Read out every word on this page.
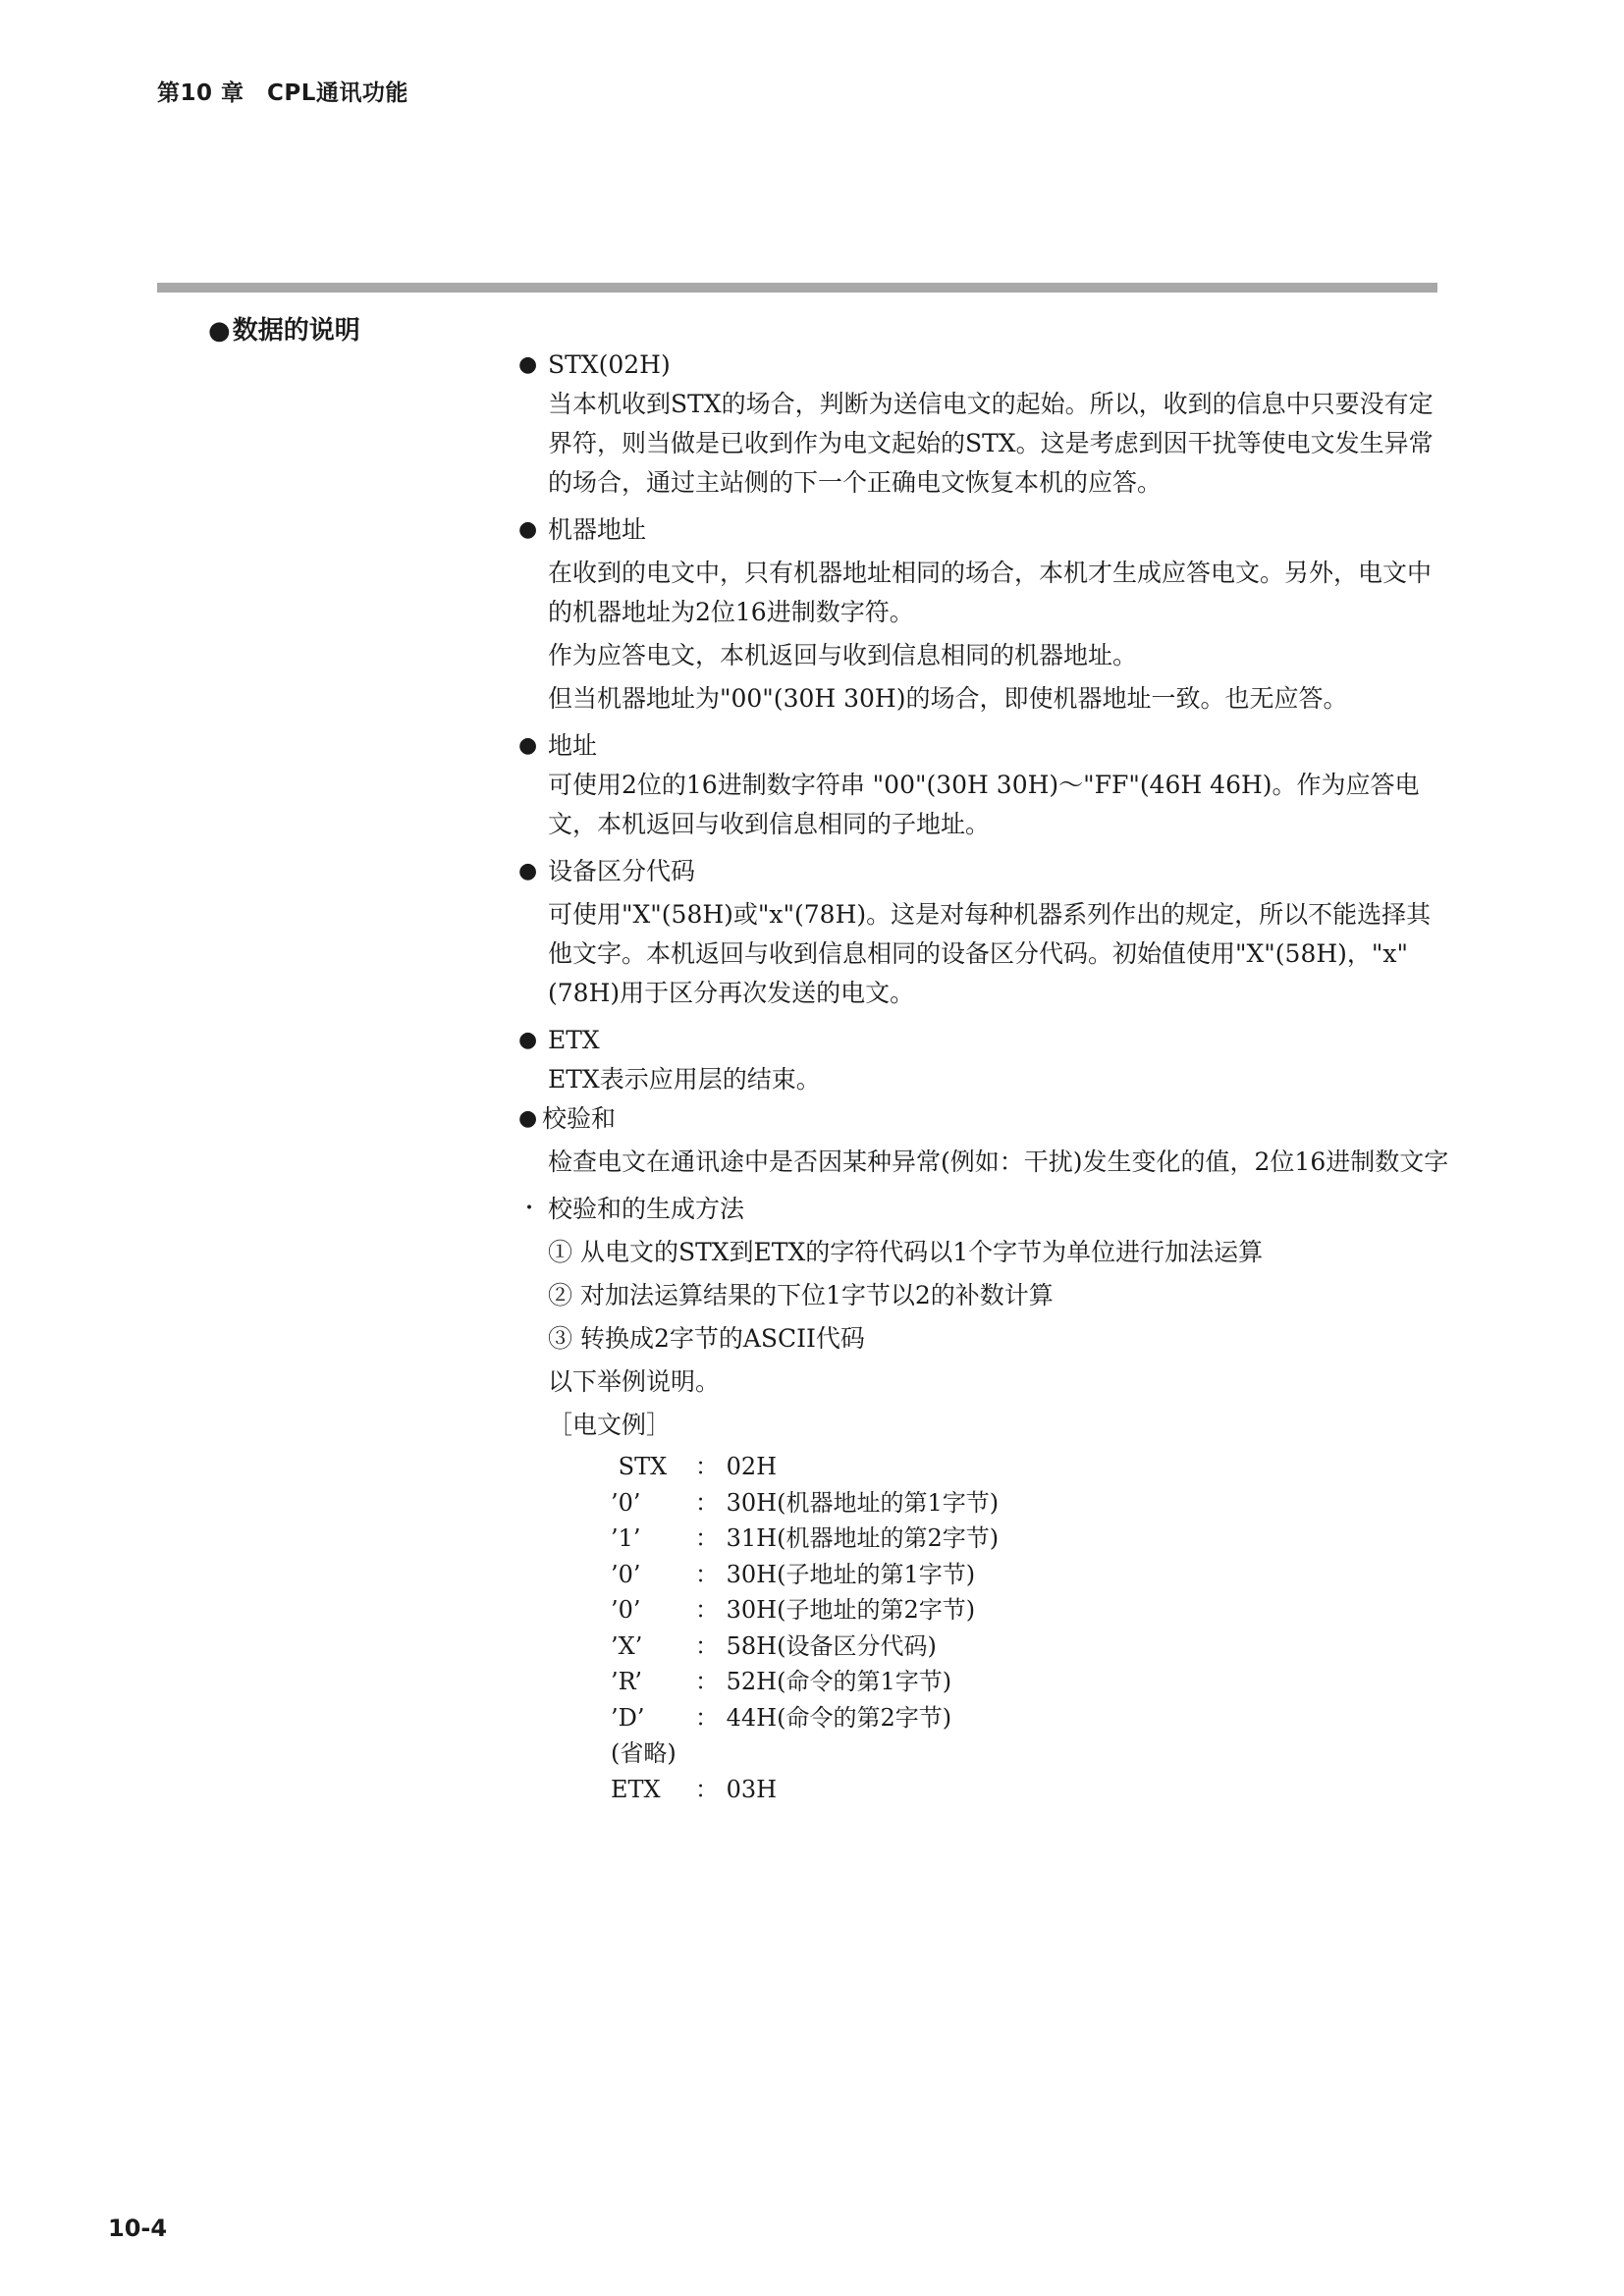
第10 章　CPL通讯功能
●数据的说明
● STX(02H)

当本机收到STX的场合，判断为送信电文的起始。所以，收到的信息中只要没有定界符，则当做是已收到作为电文起始的STX。这是考虑到因干扰等使电文发生异常的场合，通过主站侧的下一个正确电文恢复本机的应答。

● 机器地址

在收到的电文中，只有机器地址相同的场合，本机才生成应答电文。另外，电文中的机器地址为2位16进制数字符。

作为应答电文，本机返回与收到信息相同的机器地址。

但当机器地址为"00"(30H 30H)的场合，即使机器地址一致。也无应答。

● 地址

可使用2位的16进制数字符串 "00"(30H 30H)～"FF"(46H 46H)。作为应答电文，本机返回与收到信息相同的子地址。

● 设备区分代码

可使用"X"(58H)或"x"(78H)。这是对每种机器系列作出的规定，所以不能选择其他文字。本机返回与收到信息相同的设备区分代码。初始值使用"X"(58H)，"x"(78H)用于区分再次发送的电文。

● ETX

ETX表示应用层的结束。

● 校验和

检查电文在通讯途中是否因某种异常(例如：干扰)发生变化的值，2位16进制数文字

・ 校验和的生成方法

① 从电文的STX到ETX的字符代码以1个字节为单位进行加法运算

② 对加法运算结果的下位1字节以2的补数计算

③ 转换成2字节的ASCII代码

以下举例说明。

［电文例］

STX	： 02H
’0’	： 30H(机器地址的第1字节)
’1’	： 31H(机器地址的第2字节)
’0’	： 30H(子地址的第1字节)
’0’	： 30H(子地址的第2字节)
’X’	： 58H(设备区分代码)
’R’	： 52H(命令的第1字节)
’D’	： 44H(命令的第2字节)
(省略)
ETX	： 03H
10-4
